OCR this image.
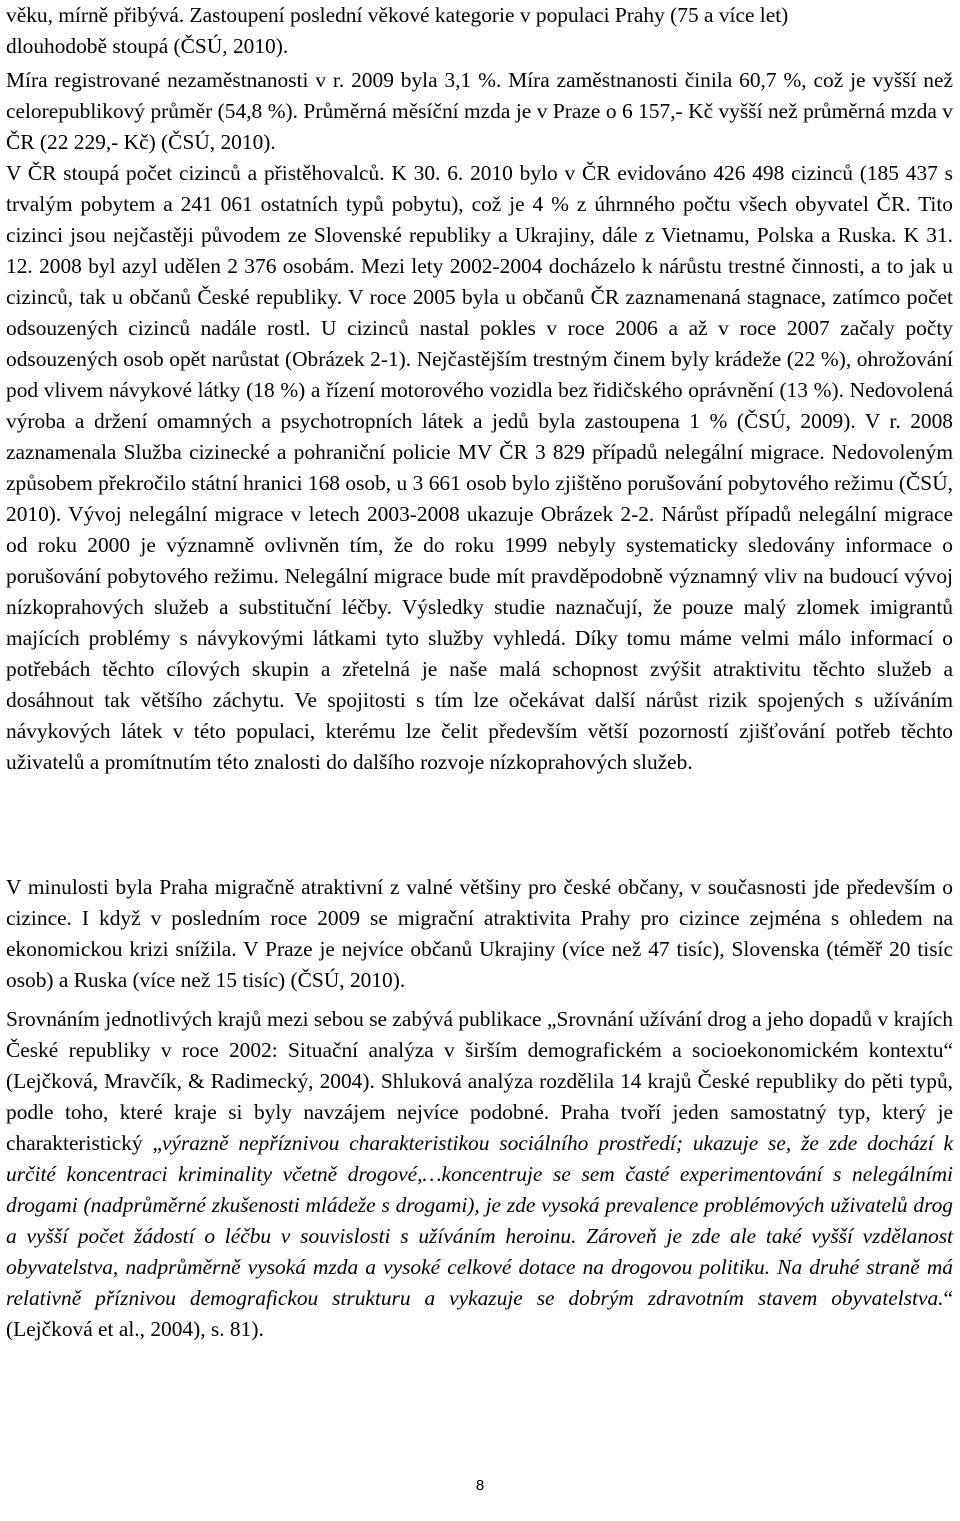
věku, mírně přibývá. Zastoupení poslední věkové kategorie v populaci Prahy (75 a více let)
dlouhodobě stoupá (ČSÚ, 2010).

Míra registrované nezaměstnanosti v r. 2009 byla 3,1 %. Míra zaměstnanosti činila 60,7 %, což je vyšší než celorepublikový průměr (54,8 %). Průměrná měsíční mzda je v Praze o 6 157,- Kč vyšší než průměrná mzda v ČR (22 229,- Kč) (ČSÚ, 2010).

V ČR stoupá počet cizinců a přistěhovalců. K 30. 6. 2010 bylo v ČR evidováno 426 498 cizinců (185 437 s trvalým pobytem a 241 061 ostatních typů pobytu), což je 4 % z úhrnného počtu všech obyvatel ČR. Tito cizinci jsou nejčastěji původem ze Slovenské republiky a Ukrajiny, dále z Vietnamu, Polska a Ruska. K 31. 12. 2008 byl azyl udělen 2 376 osobám. Mezi lety 2002-2004 docházelo k nárůstu trestné činnosti, a to jak u cizinců, tak u občanů České republiky. V roce 2005 byla u občanů ČR zaznamenaná stagnace, zatímco počet odsouzených cizinců nadále rostl. U cizinců nastal pokles v roce 2006 a až v roce 2007 začaly počty odsouzených osob opět narůstat (Obrázek 2-1). Nejčastějším trestným činem byly krádeže (22 %), ohrožování pod vlivem návykové látky (18 %) a řízení motorového vozidla bez řidičského oprávnění (13 %). Nedovolená výroba a držení omamných a psychotropních látek a jedů byla zastoupena 1 % (ČSÚ, 2009). V r. 2008 zaznamenala Služba cizinecké a pohraniční policie MV ČR 3 829 případů nelegální migrace. Nedovoleným způsobem překročilo státní hranici 168 osob, u 3 661 osob bylo zjištěno porušování pobytového režimu (ČSÚ, 2010). Vývoj nelegální migrace v letech 2003-2008 ukazuje Obrázek 2-2. Nárůst případů nelegální migrace od roku 2000 je významně ovlivněn tím, že do roku 1999 nebyly systematicky sledovány informace o porušování pobytového režimu. Nelegální migrace bude mít pravděpodobně významný vliv na budoucí vývoj nízkoprahových služeb a substituční léčby. Výsledky studie naznačují, že pouze malý zlomek imigrantů majících problémy s návykovými látkami tyto služby vyhledá. Díky tomu máme velmi málo informací o potřebách těchto cílových skupin a zřetelná je naše malá schopnost zvýšit atraktivitu těchto služeb a dosáhnout tak většího záchytu. Ve spojitosti s tím lze očekávat další nárůst rizik spojených s užíváním návykových látek v této populaci, kterému lze čelit především větší pozorností zjišťování potřeb těchto uživatelů a promítnutím této znalosti do dalšího rozvoje nízkoprahových služeb.

V minulosti byla Praha migračně atraktivní z valné většiny pro české občany, v současnosti jde především o cizince. I když v posledním roce 2009 se migrační atraktivita Prahy pro cizince zejména s ohledem na ekonomickou krizi snížila. V Praze je nejvíce občanů Ukrajiny (více než 47 tisíc), Slovenska (téměř 20 tisíc osob) a Ruska (více než 15 tisíc) (ČSÚ, 2010).

Srovnáním jednotlivých krajů mezi sebou se zabývá publikace „Srovnání užívání drog a jeho dopadů v krajích České republiky v roce 2002: Situační analýza v širším demografickém a socioekonomickém kontextu“ (Lejčková, Mravčík, & Radimecký, 2004). Shluková analýza rozdělila 14 krajů České republiky do pěti typů, podle toho, které kraje si byly navzájem nejvíce podobné. Praha tvoří jeden samostatný typ, který je charakteristický „výrazně nepříznivou charakteristikou sociálního prostředí; ukazuje se, že zde dochází k určité koncentraci kriminality včetně drogové,…koncentruje se sem časté experimentování s nelegálními drogami (nadprůměrné zkušenosti mládeže s drogami), je zde vysoká prevalence problémových uživatelů drog a vyšší počet žádostí o léčbu v souvislosti s užíváním heroinu. Zároveň je zde ale také vyšší vzdělanost obyvatelstva, nadprůměrně vysoká mzda a vysoké celkové dotace na drogovou politiku. Na druhé straně má relativně příznivou demografickou strukturu a vykazuje se dobrým zdravotním stavem obyvatelstva.“ (Lejčková et al., 2004), s. 81).

8
